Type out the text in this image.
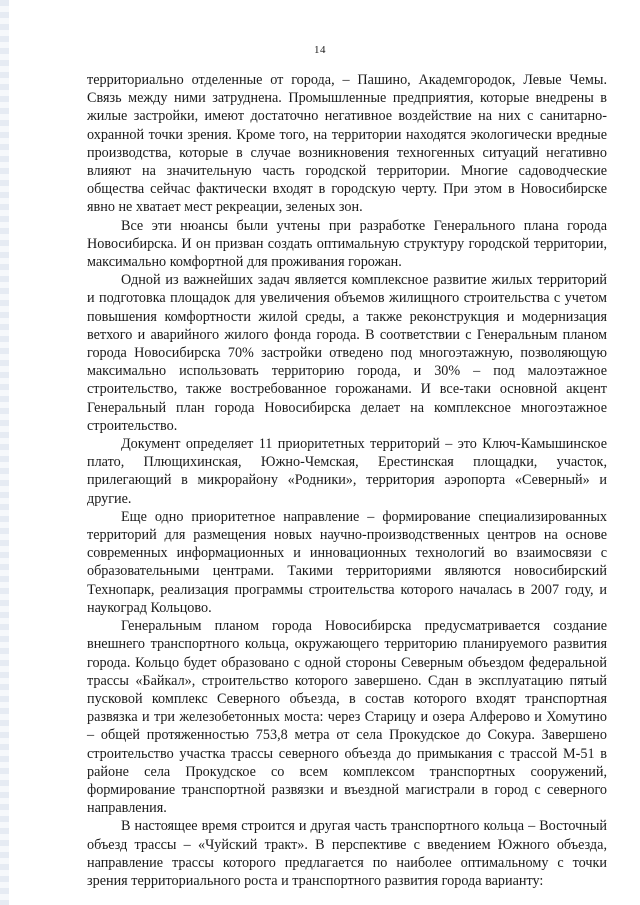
14

территориально отделенные от города, – Пашино, Академгородок, Левые Чемы. Связь между ними затруднена. Промышленные предприятия, которые внедрены в жилые застройки, имеют достаточно негативное воздействие на них с санитарно-охранной точки зрения. Кроме того, на территории находятся экологически вредные производства, которые в случае возникновения техногенных ситуаций негативно влияют на значительную часть городской территории. Многие садоводческие общества сейчас фактически входят в городскую черту. При этом в Новосибирске явно не хватает мест рекреации, зеленых зон.

Все эти нюансы были учтены при разработке Генерального плана города Новосибирска. И он призван создать оптимальную структуру городской территории, максимально комфортной для проживания горожан.

Одной из важнейших задач является комплексное развитие жилых территорий и подготовка площадок для увеличения объемов жилищного строительства с учетом повышения комфортности жилой среды, а также реконструкция и модернизация ветхого и аварийного жилого фонда города. В соответствии с Генеральным планом города Новосибирска 70% застройки отведено под многоэтажную, позволяющую максимально использовать территорию города, и 30% – под малоэтажное строительство, также востребованное горожанами. И все-таки основной акцент Генеральный план города Новосибирска делает на комплексное многоэтажное строительство.

Документ определяет 11 приоритетных территорий – это Ключ-Камышинское плато, Плющихинская, Южно-Чемская, Ерестинская площадки, участок, прилегающий в микрорайону «Родники», территория аэропорта «Северный» и другие.

Еще одно приоритетное направление – формирование специализированных территорий для размещения новых научно-производственных центров на основе современных информационных и инновационных технологий во взаимосвязи с образовательными центрами. Такими территориями являются новосибирский Технопарк, реализация программы строительства которого началась в 2007 году, и наукоград Кольцово.

Генеральным планом города Новосибирска предусматривается создание внешнего транспортного кольца, окружающего территорию планируемого развития города. Кольцо будет образовано с одной стороны Северным объездом федеральной трассы «Байкал», строительство которого завершено. Сдан в эксплуатацию пятый пусковой комплекс Северного объезда, в состав которого входят транспортная развязка и три железобетонных моста: через Старицу и озера Алферово и Хомутино – общей протяженностью 753,8 метра от села Прокудское до Сокура. Завершено строительство участка трассы северного объезда до примыкания с трассой М-51 в районе села Прокудское со всем комплексом транспортных сооружений, формирование транспортной развязки и въездной магистрали в город с северного направления.

В настоящее время строится и другая часть транспортного кольца – Восточный объезд трассы – «Чуйский тракт». В перспективе с введением Южного объезда, направление трассы которого предлагается по наиболее оптимальному с точки зрения территориального роста и транспортного развития города варианту:
